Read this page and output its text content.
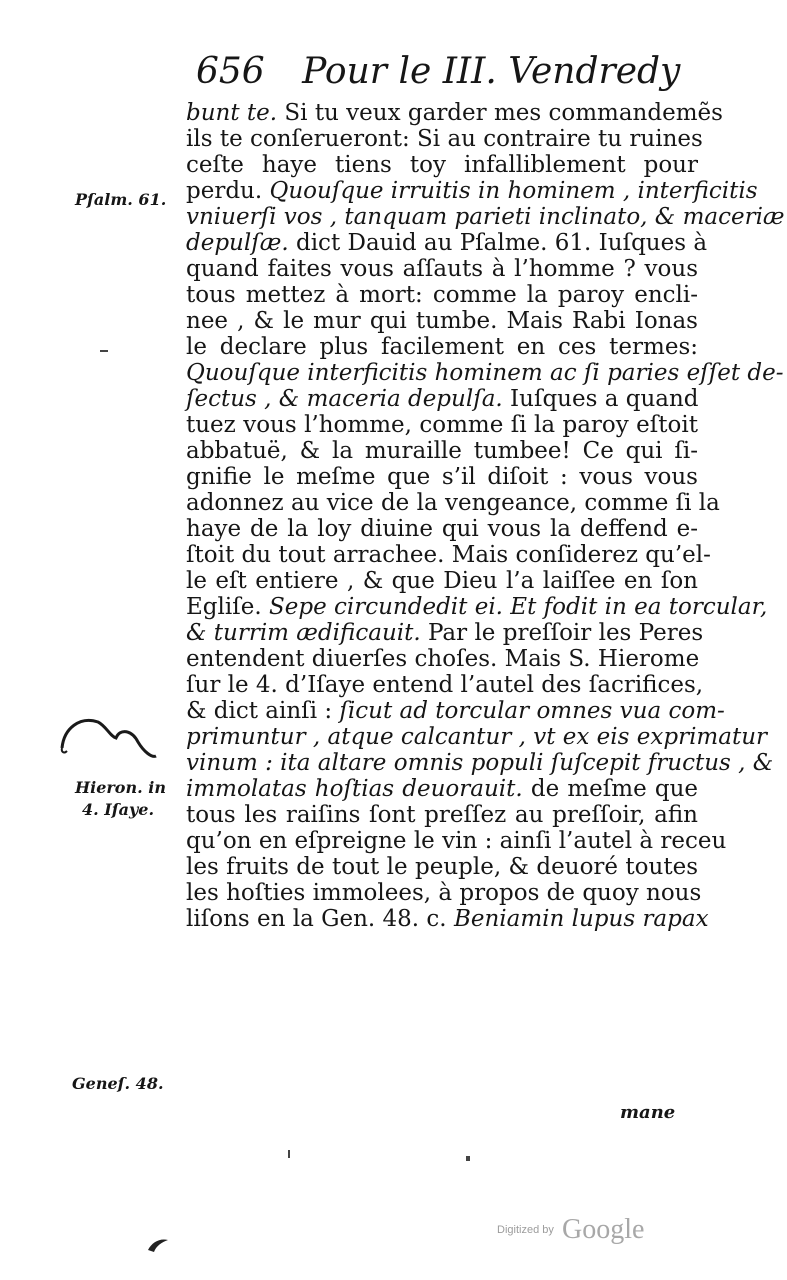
656 Pour le III. Vendredy
bunt te. Si tu veux garder mes commandemẽs
ils te conſerueront: Si au contraire tu ruines
ceſte haye tiens toy infalliblement pour
perdu. Quouſque irruitis in hominem , interficitis
vniuerſi vos , tanquam parieti inclinato, & maceriæ
depulſæ. dict Dauid au Pſalme. 61. Iuſques à
quand faites vous aſſauts à l’homme ? vous
tous mettez à mort: comme la paroy encli-
nee , & le mur qui tumbe. Mais Rabi Ionas
le declare plus facilement en ces termes:
Quouſque interficitis hominem ac ſi paries eſſet de-
ſectus , & maceria depulſa. Iuſques a quand
tuez vous l’homme, comme ſi la paroy eſtoit
abbatuë, & la muraille tumbee! Ce qui ſi-
gnifie le meſme que s’il diſoit : vous vous
adonnez au vice de la vengeance, comme ſi la
haye de la loy diuine qui vous la deffend e-
ſtoit du tout arrachee. Mais conſiderez qu’el-
le eſt entiere , & que Dieu l’a laiſſee en ſon
Egliſe. Sepe circundedit ei. Et fodit in ea torcular,
& turrim ædificauit. Par le preſſoir les Peres
entendent diuerſes choſes. Mais S. Hierome
ſur le 4. d’Iſaye entend l’autel des ſacrifices,
& dict ainſi : ſicut ad torcular omnes vua com-
primuntur , atque calcantur , vt ex eis exprimatur
vinum : ita altare omnis populi ſuſcepit fructus , &
immolatas hoſtias deuorauit. de meſme que
tous les raiſins ſont preſſez au preſſoir, afin
qu’on en eſpreigne le vin : ainſi l’autel à receu
les fruits de tout le peuple, & deuoré toutes
les hoſties immolees, à propos de quoy nous
liſons en la Gen. 48. c. Beniamin lupus rapax
Pſalm. 61.
Hieron. in
4. Iſaye.
Geneſ. 48.
mane
Digitized by Google
